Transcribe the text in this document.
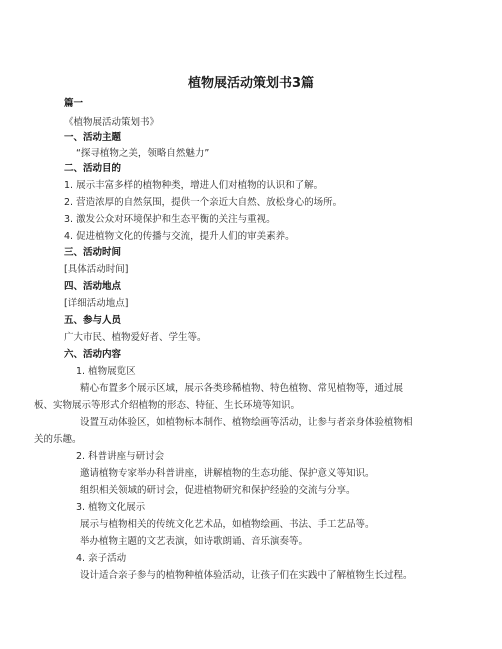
植物展活动策划书3篇
篇一
《植物展活动策划书》
一、活动主题
“探寻植物之美，领略自然魅力”
二、活动目的
1. 展示丰富多样的植物种类，增进人们对植物的认识和了解。
2. 营造浓厚的自然氛围，提供一个亲近大自然、放松身心的场所。
3. 激发公众对环境保护和生态平衡的关注与重视。
4. 促进植物文化的传播与交流，提升人们的审美素养。
三、活动时间
[具体活动时间]
四、活动地点
[详细活动地点]
五、参与人员
广大市民、植物爱好者、学生等。
六、活动内容
1. 植物展览区
精心布置多个展示区域，展示各类珍稀植物、特色植物、常见植物等，通过展
板、实物展示等形式介绍植物的形态、特征、生长环境等知识。
设置互动体验区，如植物标本制作、植物绘画等活动，让参与者亲身体验植物相
关的乐趣。
2. 科普讲座与研讨会
邀请植物专家举办科普讲座，讲解植物的生态功能、保护意义等知识。
组织相关领域的研讨会，促进植物研究和保护经验的交流与分享。
3. 植物文化展示
展示与植物相关的传统文化艺术品，如植物绘画、书法、手工艺品等。
举办植物主题的文艺表演，如诗歌朗诵、音乐演奏等。
4. 亲子活动
设计适合亲子参与的植物种植体验活动，让孩子们在实践中了解植物生长过程。
